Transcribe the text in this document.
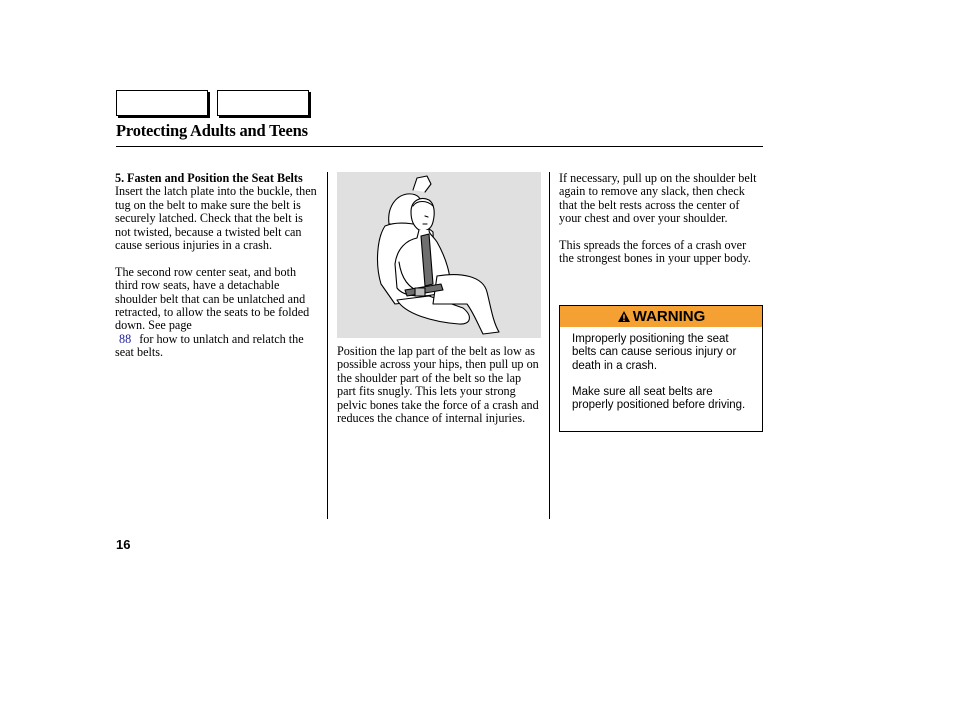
Protecting Adults and Teens
5. Fasten and Position the Seat Belts

Insert the latch plate into the buckle, then tug on the belt to make sure the belt is securely latched. Check that the belt is not twisted, because a twisted belt can cause serious injuries in a crash.

The second row center seat, and both third row seats, have a detachable shoulder belt that can be unlatched and retracted, to allow the seats to be folded down. See page
88 for how to unlatch and relatch the seat belts.	Position the lap part of the belt as low as possible across your hips, then pull up on the shoulder part of the belt so the lap part fits snugly. This lets your strong pelvic bones take the force of a crash and reduces the chance of internal injuries.

If necessary, pull up on the shoulder belt again to remove any slack, then check that the belt rests across the center of your chest and over your shoulder.

This spreads the forces of a crash over the strongest bones in your upper body.

WARNING

Improperly positioning the seat belts can cause serious injury or death in a crash.

Make sure all seat belts are properly positioned before driving.

16
